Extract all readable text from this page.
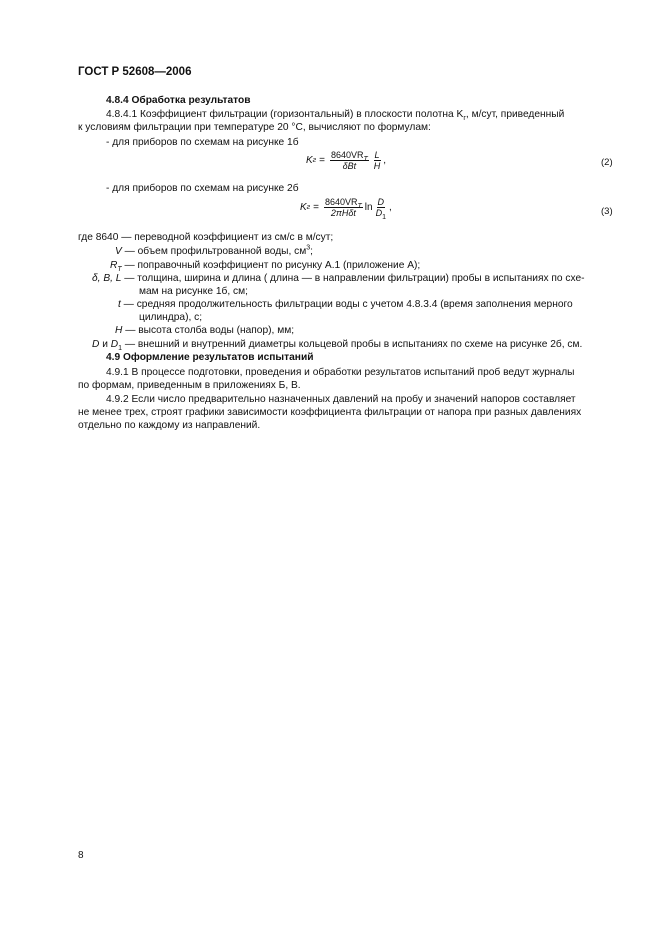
ГОСТ Р 52608—2006
4.8.4 Обработка результатов
4.8.4.1 Коэффициент фильтрации (горизонтальный) в плоскости полотна $K_г$, м/сут, приведенный
к условиям фильтрации при температуре 20 °С, вычисляют по формулам:
- для приборов по схемам на рисунке 1б
K $г = \frac{8640VR_T}{\text{δBt}} \frac{L}{H}$ ,	(2)
- для приборов по схемам на рисунке 2б
K $г = \frac{8640VR_T}{\text{2πHδt}}$ $\ln \frac{D}{D_1}$ ,	(3)
где 8640 — переводной коэффициент из см/с в м/сут;
V — объем профильтрованной воды, $см^3$;
$R_T$ — поправочный коэффициент по рисунку А.1 (приложение А);
δ, B, L — толщина, ширина и длина ( длина — в направлении фильтрации) пробы в испытаниях по схе-
мам на рисунке 1б, см;
t — средняя продолжительность фильтрации воды с учетом 4.8.3.4 (время заполнения мерного
цилиндра), с;
H — высота столба воды (напор), мм;
D и $D_1$ — внешний и внутренний диаметры кольцевой пробы в испытаниях по схеме на рисунке 2б, см.
4.9 Оформление результатов испытаний
4.9.1 В процессе подготовки, проведения и обработки результатов испытаний проб ведут журналы
по формам, приведенным в приложениях Б, В.
4.9.2 Если число предварительно назначенных давлений на пробу и значений напоров составляет
не менее трех, строят графики зависимости коэффициента фильтрации от напора при разных давлениях
отдельно по каждому из направлений.
8
